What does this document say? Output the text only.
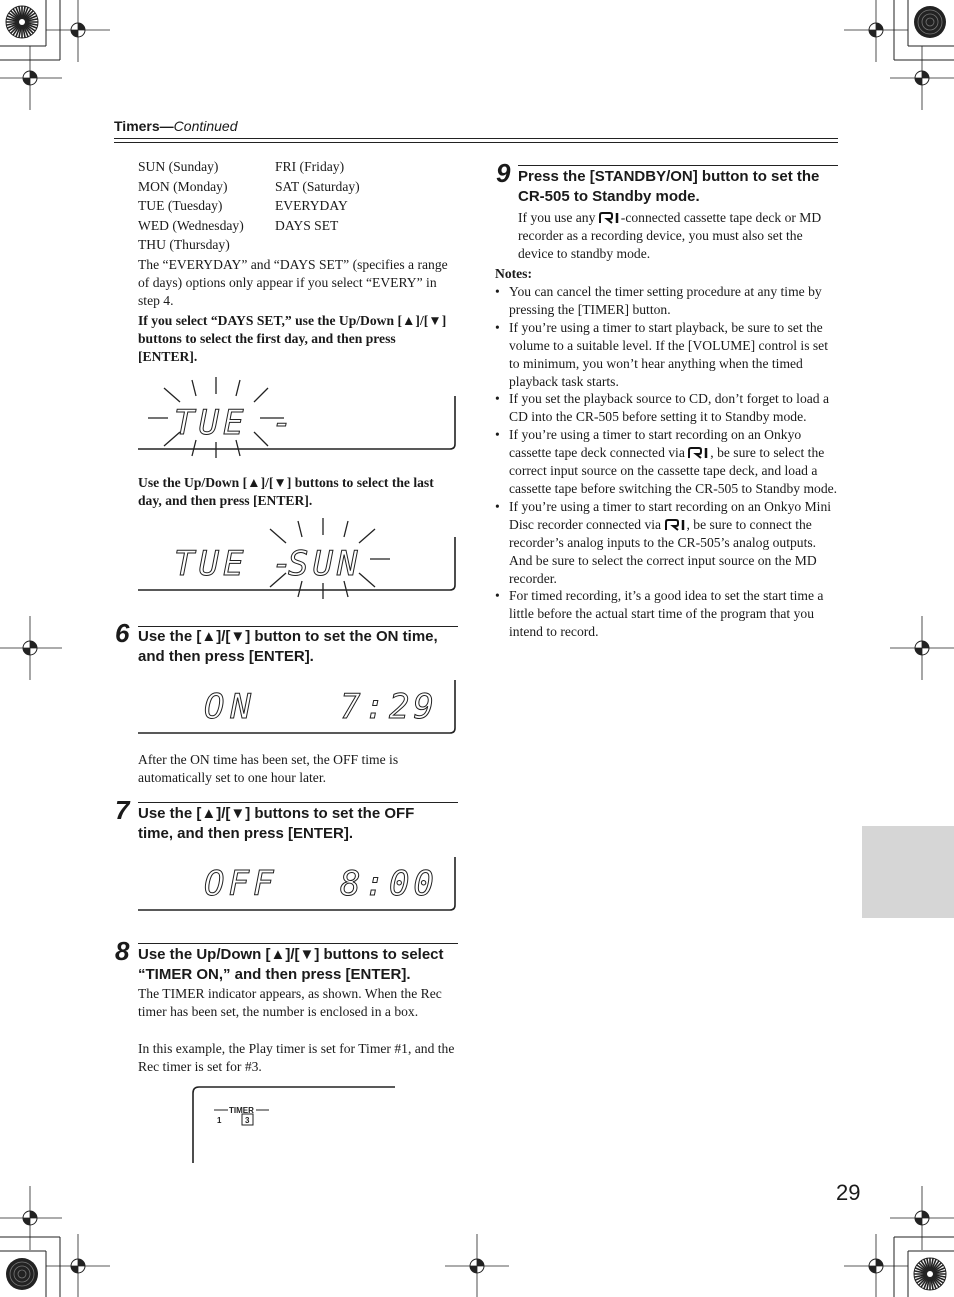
Timers—Continued
SUN (Sunday)
MON (Monday)
TUE (Tuesday)
WED (Wednesday)
THU (Thursday)
FRI (Friday)
SAT (Saturday)
EVERYDAY
DAYS SET
The “EVERYDAY” and “DAYS SET” (specifies a range of days) options only appear if you select “EVERY” in step 4.
If you select “DAYS SET,” use the Up/Down [▲]/[▼] buttons to select the first day, and then press [ENTER].
TUE -
Use the Up/Down [▲]/[▼] buttons to select the last day, and then press [ENTER].
TUE -
SUN
6 Use the [▲]/[▼] button to set the ON time, and then press [ENTER].
ON 7:29
After the ON time has been set, the OFF time is automatically set to one hour later.
7 Use the [▲]/[▼] buttons to set the OFF time, and then press [ENTER].
OFF 8:00
8 Use the Up/Down [▲]/[▼] buttons to select “TIMER ON,” and then press [ENTER].
The TIMER indicator appears, as shown. When the Rec timer has been set, the number is enclosed in a box.
In this example, the Play timer is set for Timer #1, and the Rec timer is set for #3.
TIMER
1	3
9 Press the [STANDBY/ON] button to set the CR-505 to Standby mode.
If you use any -connected cassette tape deck or MD recorder as a recording device, you must also set the device to standby mode.
Notes:
• You can cancel the timer setting procedure at any time by pressing the [TIMER] button.
• If you’re using a timer to start playback, be sure to set the volume to a suitable level. If the [VOLUME] control is set to minimum, you won’t hear anything when the timed playback task starts.
• If you set the playback source to CD, don’t forget to load a CD into the CR-505 before setting it to Standby mode.
• If you’re using a timer to start recording on an Onkyo cassette tape deck connected via , be sure to select the correct input source on the cassette tape deck, and load a cassette tape before switching the CR-505 to Standby mode.
• If you’re using a timer to start recording on an Onkyo Mini Disc recorder connected via , be sure to connect the recorder’s analog inputs to the CR-505’s analog outputs. And be sure to select the correct input source on the MD recorder.
• For timed recording, it’s a good idea to set the start time a little before the actual start time of the program that you intend to record.
29
